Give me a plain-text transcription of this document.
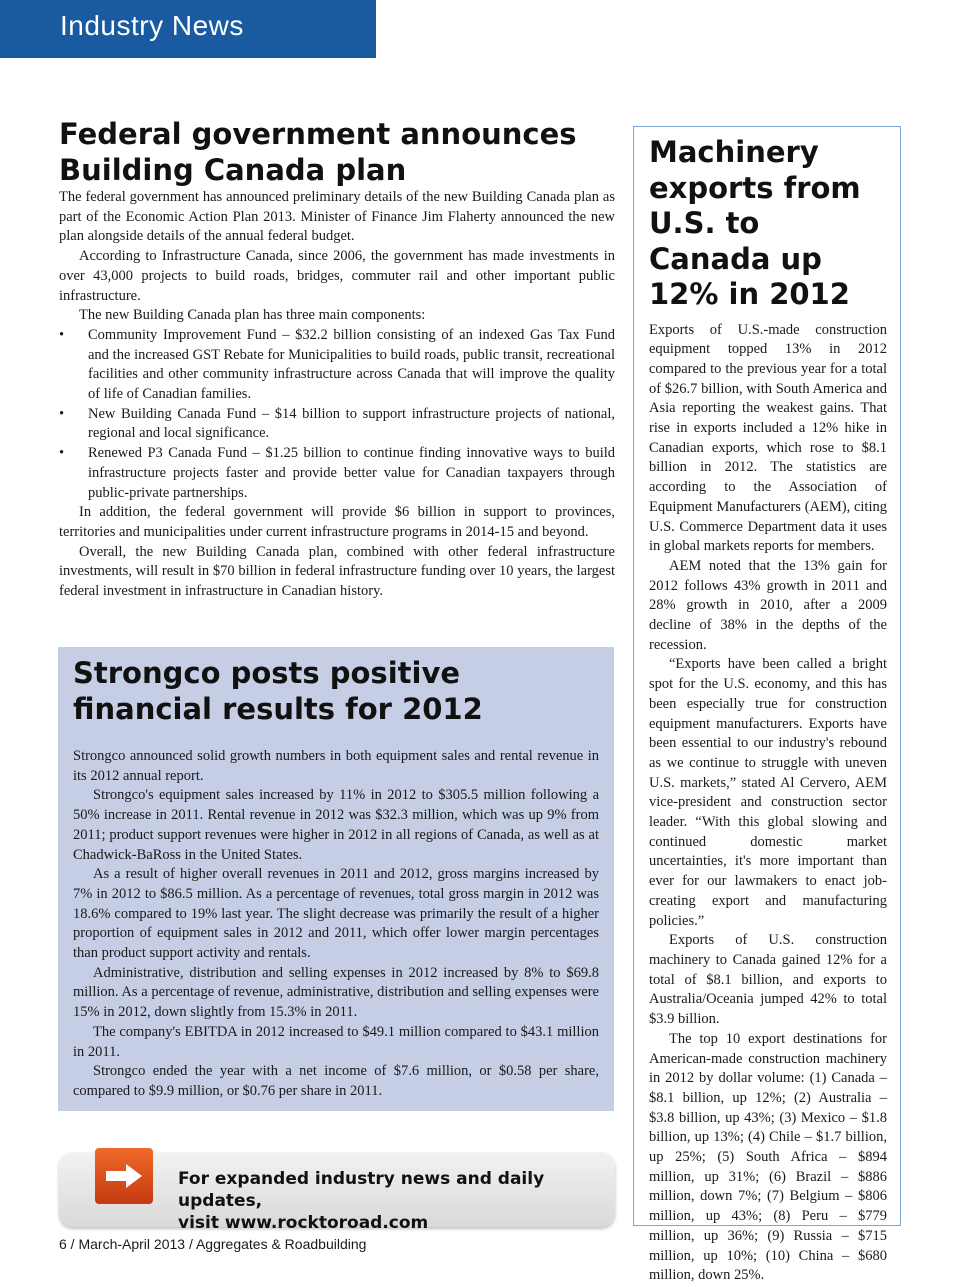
Industry News
Federal government announces Building Canada plan

The federal government has announced preliminary details of the new Building Canada plan as part of the Economic Action Plan 2013. Minister of Finance Jim Flaherty announced the new plan alongside details of the annual federal budget.

According to Infrastructure Canada, since 2006, the government has made investments in over 43,000 projects to build roads, bridges, commuter rail and other important public infrastructure.

The new Building Canada plan has three main components:

• Community Improvement Fund – $32.2 billion consisting of an indexed Gas Tax Fund and the increased GST Rebate for Municipalities to build roads, public transit, recreational facilities and other community infrastructure across Canada that will improve the quality of life of Canadian families.
• New Building Canada Fund – $14 billion to support infrastructure projects of national, regional and local significance.
• Renewed P3 Canada Fund – $1.25 billion to continue finding innovative ways to build infrastructure projects faster and provide better value for Canadian taxpayers through public-private partnerships.

In addition, the federal government will provide $6 billion in support to provinces, territories and municipalities under current infrastructure programs in 2014-15 and beyond.

Overall, the new Building Canada plan, combined with other federal infrastructure investments, will result in $70 billion in federal infrastructure funding over 10 years, the largest federal investment in infrastructure in Canadian history.

Strongco posts positive financial results for 2012

Strongco announced solid growth numbers in both equipment sales and rental revenue in its 2012 annual report.

Strongco's equipment sales increased by 11% in 2012 to $305.5 million following a 50% increase in 2011. Rental revenue in 2012 was $32.3 million, which was up 9% from 2011; product support revenues were higher in 2012 in all regions of Canada, as well as at Chadwick-BaRoss in the United States.

As a result of higher overall revenues in 2011 and 2012, gross margins increased by 7% in 2012 to $86.5 million. As a percentage of revenues, total gross margin in 2012 was 18.6% compared to 19% last year. The slight decrease was primarily the result of a higher proportion of equipment sales in 2012 and 2011, which offer lower margin percentages than product support activity and rentals.

Administrative, distribution and selling expenses in 2012 increased by 8% to $69.8 million. As a percentage of revenue, administrative, distribution and selling expenses were 15% in 2012, down slightly from 15.3% in 2011.

The company's EBITDA in 2012 increased to $49.1 million compared to $43.1 million in 2011.

Strongco ended the year with a net income of $7.6 million, or $0.58 per share, compared to $9.9 million, or $0.76 per share in 2011.

Machinery exports from U.S. to Canada up 12% in 2012

Exports of U.S.-made construction equipment topped 13% in 2012 compared to the previous year for a total of $26.7 billion, with South America and Asia reporting the weakest gains. That rise in exports included a 12% hike in Canadian exports, which rose to $8.1 billion in 2012. The statistics are according to the Association of Equipment Manufacturers (AEM), citing U.S. Commerce Department data it uses in global markets reports for members.

AEM noted that the 13% gain for 2012 follows 43% growth in 2011 and 28% growth in 2010, after a 2009 decline of 38% in the depths of the recession.

“Exports have been called a bright spot for the U.S. economy, and this has been especially true for construction equipment manufacturers. Exports have been essential to our industry's rebound as we continue to struggle with uneven U.S. markets,” stated Al Cervero, AEM vice-president and construction sector leader. “With this global slowing and continued domestic market uncertainties, it's more important than ever for our lawmakers to enact job-creating export and manufacturing policies.”

Exports of U.S. construction machinery to Canada gained 12% for a total of $8.1 billion, and exports to Australia/Oceania jumped 42% to total $3.9 billion.

The top 10 export destinations for American-made construction machinery in 2012 by dollar volume: (1) Canada – $8.1 billion, up 12%; (2) Australia – $3.8 billion, up 43%; (3) Mexico – $1.8 billion, up 13%; (4) Chile – $1.7 billion, up 25%; (5) South Africa – $894 million, up 31%; (6) Brazil – $886 million, down 7%; (7) Belgium – $806 million, up 43%; (8) Peru – $779 million, up 36%; (9) Russia – $715 million, up 10%; (10) China – $680 million, down 25%.

For expanded industry news and daily updates,
visit www.rocktoroad.com
6 / March-April 2013 / Aggregates & Roadbuilding
